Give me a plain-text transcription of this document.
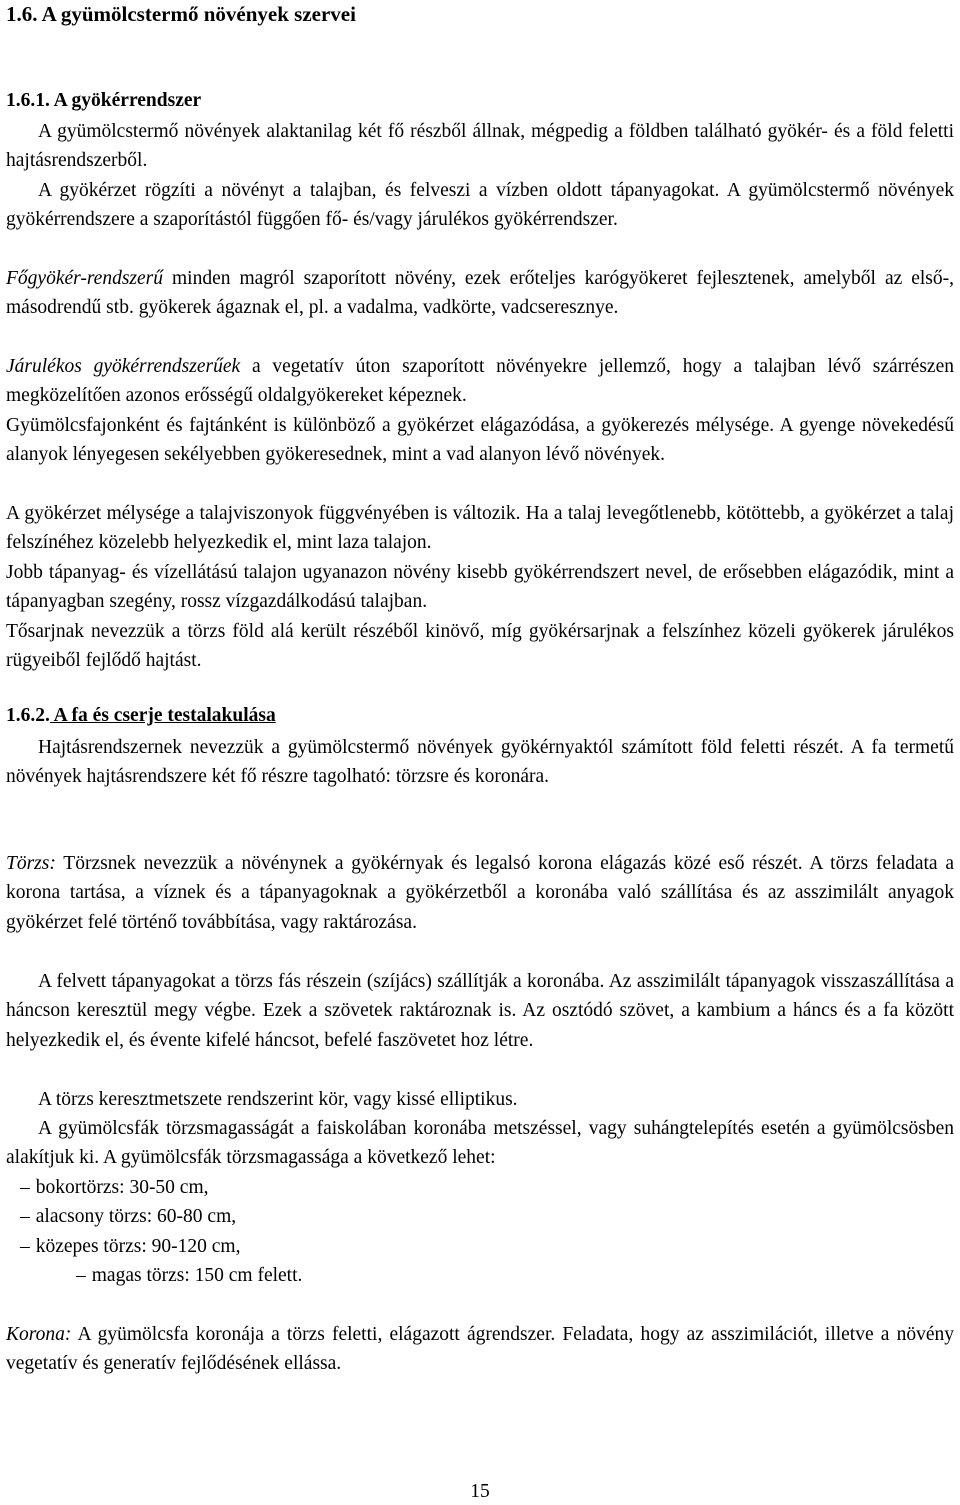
1.6. A gyümölcstermő növények szervei
1.6.1. A gyökérrendszer
A gyümölcstermő növények alaktanilag két fő részből állnak, mégpedig a földben található gyökér- és a föld feletti hajtásrendszerből.
A gyökérzet rögzíti a növényt a talajban, és felveszi a vízben oldott tápanyagokat. A gyümölcstermő növények gyökérrendszere a szaporítástól függően fő- és/vagy járulékos gyökérrendszer.
Főgyökér-rendszerű minden magról szaporított növény, ezek erőteljes karógyökeret fejlesztenek, amelyből az első-, másodrendű stb. gyökerek ágaznak el, pl. a vadalma, vadkörte, vadcseresznye.
Járulékos gyökérrendszerűek a vegetatív úton szaporított növényekre jellemző, hogy a talajban lévő szárrészen megközelítően azonos erősségű oldalgyökereket képeznek.
Gyümölcsfajonként és fajtánként is különböző a gyökérzet elágazódása, a gyökerezés mélysége. A gyenge növekedésű alanyok lényegesen sekélyebben gyökeresednek, mint a vad alanyon lévő növények.
A gyökérzet mélysége a talajviszonyok függvényében is változik. Ha a talaj levegőtlenebb, kötöttebb, a gyökérzet a talaj felszínéhez közelebb helyezkedik el, mint laza talajon.
Jobb tápanyag- és vízellátású talajon ugyanazon növény kisebb gyökérrendszert nevel, de erősebben elágazódik, mint a tápanyagban szegény, rossz vízgazdálkodású talajban.
Tősarjnak nevezzük a törzs föld alá került részéből kinövő, míg gyökérsarjnak a felszínhez közeli gyökerek járulékos rügyeiből fejlődő hajtást.
1.6.2. A fa és cserje testalakulása
Hajtásrendszernek nevezzük a gyümölcstermő növények gyökérnyaktól számított föld feletti részét. A fa termetű növények hajtásrendszere két fő részre tagolható: törzsre és koronára.
Törzs: Törzsnek nevezzük a növénynek a gyökérnyak és legalsó korona elágazás közé eső részét. A törzs feladata a korona tartása, a víznek és a tápanyagoknak a gyökérzetből a koronába való szállítása és az asszimilált anyagok gyökérzet felé történő továbbítása, vagy raktározása.
A felvett tápanyagokat a törzs fás részein (szíjács) szállítják a koronába. Az asszimilált tápanyagok visszaszállítása a háncson keresztül megy végbe. Ezek a szövetek raktároznak is. Az osztódó szövet, a kambium a háncs és a fa között helyezkedik el, és évente kifelé háncsot, befelé faszövetet hoz létre.
A törzs keresztmetszete rendszerint kör, vagy kissé elliptikus.
A gyümölcsfák törzsmagasságát a faiskolában koronába metszéssel, vagy suhángtelepítés esetén a gyümölcsösben alakítjuk ki. A gyümölcsfák törzsmagassága a következő lehet:
– bokortörzs: 30-50 cm,
– alacsony törzs: 60-80 cm,
– közepes törzs: 90-120 cm,
– magas törzs: 150 cm felett.
Korona: A gyümölcsfa koronája a törzs feletti, elágazott ágrendszer. Feladata, hogy az asszimilációt, illetve a növény vegetatív és generatív fejlődésének ellássa.
15
